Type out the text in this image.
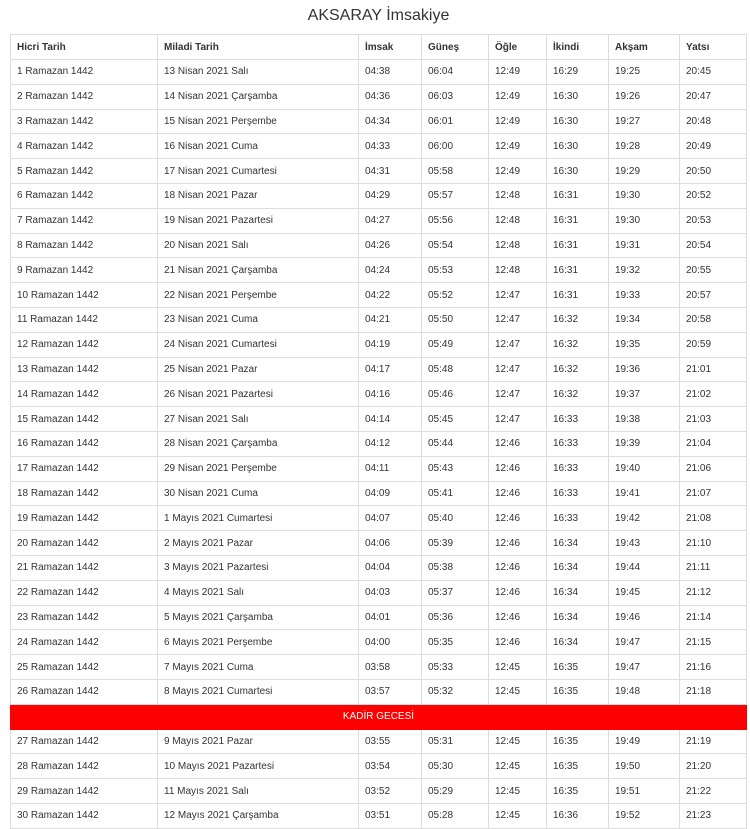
AKSARAY İmsakiye
Hicri Tarih	Miladi Tarih	İmsak	Güneş	Öğle	İkindi	Akşam	Yatsı
1 Ramazan 1442	13 Nisan 2021 Salı	04:38	06:04	12:49	16:29	19:25	20:45
2 Ramazan 1442	14 Nisan 2021 Çarşamba	04:36	06:03	12:49	16:30	19:26	20:47
3 Ramazan 1442	15 Nisan 2021 Perşembe	04:34	06:01	12:49	16:30	19:27	20:48
4 Ramazan 1442	16 Nisan 2021 Cuma	04:33	06:00	12:49	16:30	19:28	20:49
5 Ramazan 1442	17 Nisan 2021 Cumartesi	04:31	05:58	12:49	16:30	19:29	20:50
6 Ramazan 1442	18 Nisan 2021 Pazar	04:29	05:57	12:48	16:31	19:30	20:52
7 Ramazan 1442	19 Nisan 2021 Pazartesi	04:27	05:56	12:48	16:31	19:30	20:53
8 Ramazan 1442	20 Nisan 2021 Salı	04:26	05:54	12:48	16:31	19:31	20:54
9 Ramazan 1442	21 Nisan 2021 Çarşamba	04:24	05:53	12:48	16:31	19:32	20:55
10 Ramazan 1442	22 Nisan 2021 Perşembe	04:22	05:52	12:47	16:31	19:33	20:57
11 Ramazan 1442	23 Nisan 2021 Cuma	04:21	05:50	12:47	16:32	19:34	20:58
12 Ramazan 1442	24 Nisan 2021 Cumartesi	04:19	05:49	12:47	16:32	19:35	20:59
13 Ramazan 1442	25 Nisan 2021 Pazar	04:17	05:48	12:47	16:32	19:36	21:01
14 Ramazan 1442	26 Nisan 2021 Pazartesi	04:16	05:46	12:47	16:32	19:37	21:02
15 Ramazan 1442	27 Nisan 2021 Salı	04:14	05:45	12:47	16:33	19:38	21:03
16 Ramazan 1442	28 Nisan 2021 Çarşamba	04:12	05:44	12:46	16:33	19:39	21:04
17 Ramazan 1442	29 Nisan 2021 Perşembe	04:11	05:43	12:46	16:33	19:40	21:06
18 Ramazan 1442	30 Nisan 2021 Cuma	04:09	05:41	12:46	16:33	19:41	21:07
19 Ramazan 1442	1 Mayıs 2021 Cumartesi	04:07	05:40	12:46	16:33	19:42	21:08
20 Ramazan 1442	2 Mayıs 2021 Pazar	04:06	05:39	12:46	16:34	19:43	21:10
21 Ramazan 1442	3 Mayıs 2021 Pazartesi	04:04	05:38	12:46	16:34	19:44	21:11
22 Ramazan 1442	4 Mayıs 2021 Salı	04:03	05:37	12:46	16:34	19:45	21:12
23 Ramazan 1442	5 Mayıs 2021 Çarşamba	04:01	05:36	12:46	16:34	19:46	21:14
24 Ramazan 1442	6 Mayıs 2021 Perşembe	04:00	05:35	12:46	16:34	19:47	21:15
25 Ramazan 1442	7 Mayıs 2021 Cuma	03:58	05:33	12:45	16:35	19:47	21:16
26 Ramazan 1442	8 Mayıs 2021 Cumartesi	03:57	05:32	12:45	16:35	19:48	21:18
KADİR GECESİ							
27 Ramazan 1442	9 Mayıs 2021 Pazar	03:55	05:31	12:45	16:35	19:49	21:19
28 Ramazan 1442	10 Mayıs 2021 Pazartesi	03:54	05:30	12:45	16:35	19:50	21:20
29 Ramazan 1442	11 Mayıs 2021 Salı	03:52	05:29	12:45	16:35	19:51	21:22
30 Ramazan 1442	12 Mayıs 2021 Çarşamba	03:51	05:28	12:45	16:36	19:52	21:23
